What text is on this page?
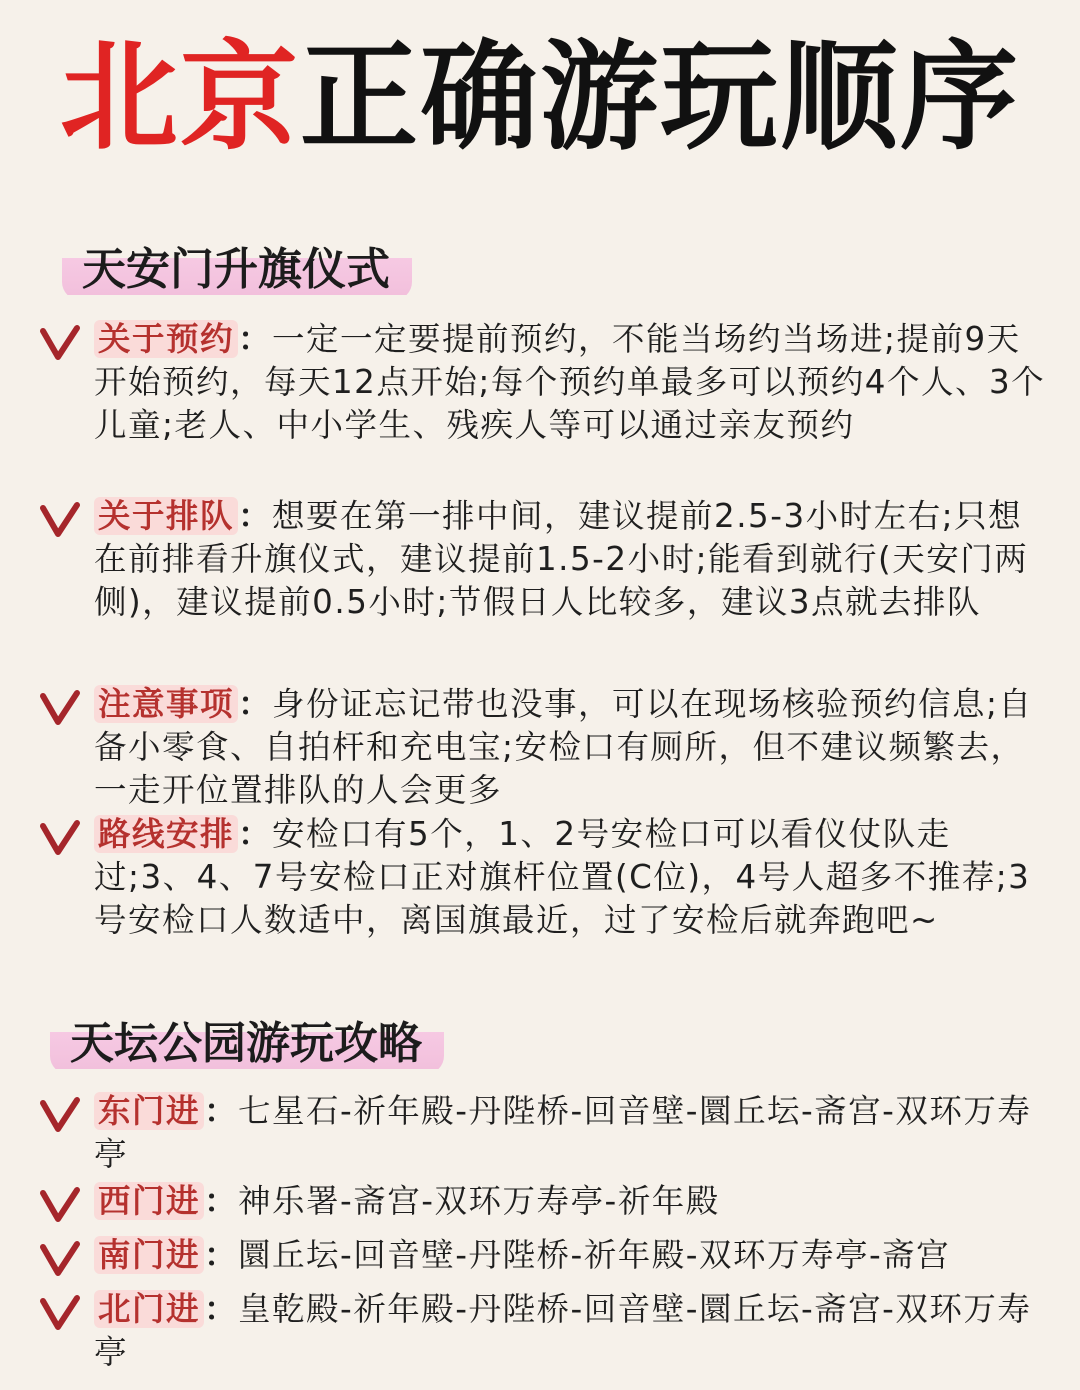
北京正确游玩顺序
天安门升旗仪式
关于预约 ：一定一定要提前预约，不能当场约当场进;提前9天开始预约，每天12点开始;每个预约单最多可以预约4个人、3个儿童;老人、中小学生、残疾人等可以通过亲友预约
关于排队 ：想要在第一排中间，建议提前2.5-3小时左右;只想在前排看升旗仪式，建议提前1.5-2小时;能看到就行(天安门两侧)，建议提前0.5小时;节假日人比较多，建议3点就去排队
注意事项 ：身份证忘记带也没事，可以在现场核验预约信息;自备小零食、自拍杆和充电宝;安检口有厕所，但不建议频繁去，一走开位置排队的人会更多
路线安排 ：安检口有5个，1、2号安检口可以看仪仗队走过;3、4、7号安检口正对旗杆位置(C位)，4号人超多不推荐;3号安检口人数适中，离国旗最近，过了安检后就奔跑吧~
天坛公园游玩攻略
东门进 ：七星石-祈年殿-丹陛桥-回音壁-圜丘坛-斋宫-双环万寿亭
西门进 ：神乐署-斋宫-双环万寿亭-祈年殿
南门进 ：圜丘坛-回音壁-丹陛桥-祈年殿-双环万寿亭-斋宫
北门进 ：皇乾殿-祈年殿-丹陛桥-回音壁-圜丘坛-斋宫-双环万寿亭
